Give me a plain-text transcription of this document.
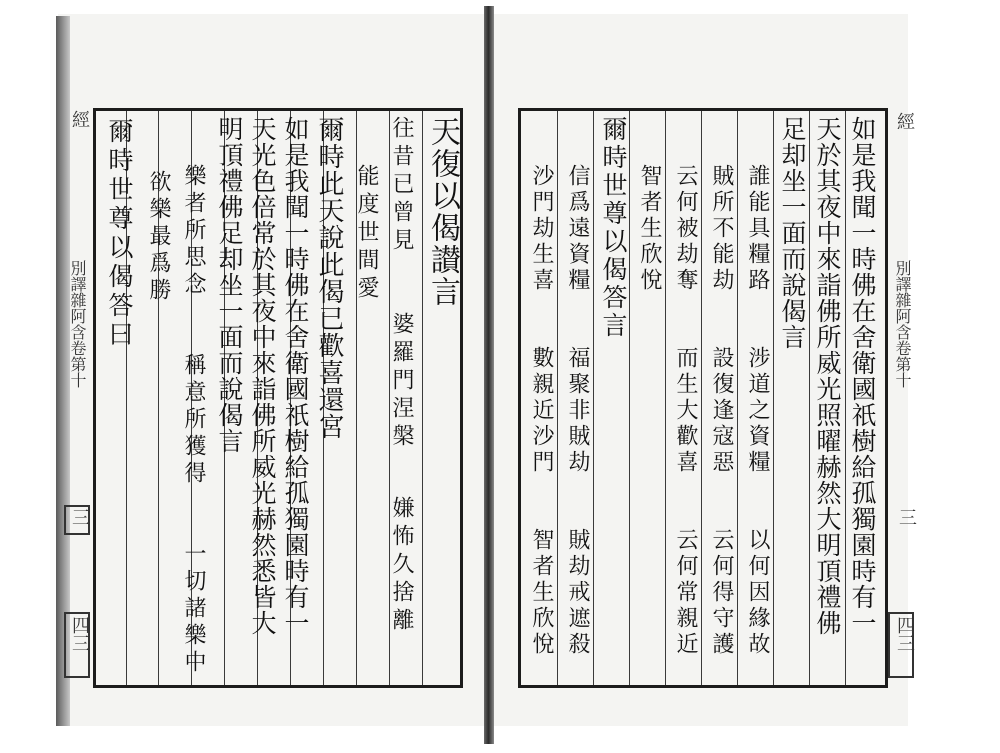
經
別譯雜阿含卷第十
三
四三
經
別譯雜阿含卷第十
三
四三
天復以偈讃言
往昔已曾見　　婆羅門涅槃
能度世間愛
嫌怖久捨離
爾時此天說此偈已歡喜還宮
如是我聞一時佛在舍衛國祇樹給孤獨園時有一
天光色倍常於其夜中來詣佛所威光赫然悉皆大
明頂禮佛足却坐一面而說偈言
樂者所思念　　稱意所獲得　　一切諸樂中
欲樂最爲勝
爾時世尊以偈答曰	如是我聞一時佛在舍衛國祇樹給孤獨園時有一
天於其夜中來詣佛所威光照曜赫然大明頂禮佛
足却坐一面而說偈言
誰能具糧路　　涉道之資糧　　以何因緣故
賊所不能劫　　設復逢寇惡　　云何得守護
云何被劫奪　　而生大歡喜　　云何常親近
智者生欣悅
爾時世尊以偈答言
信爲遠資糧　　福聚非賊劫　　賊劫戒遮殺
沙門劫生喜　　數親近沙門　　智者生欣悅
